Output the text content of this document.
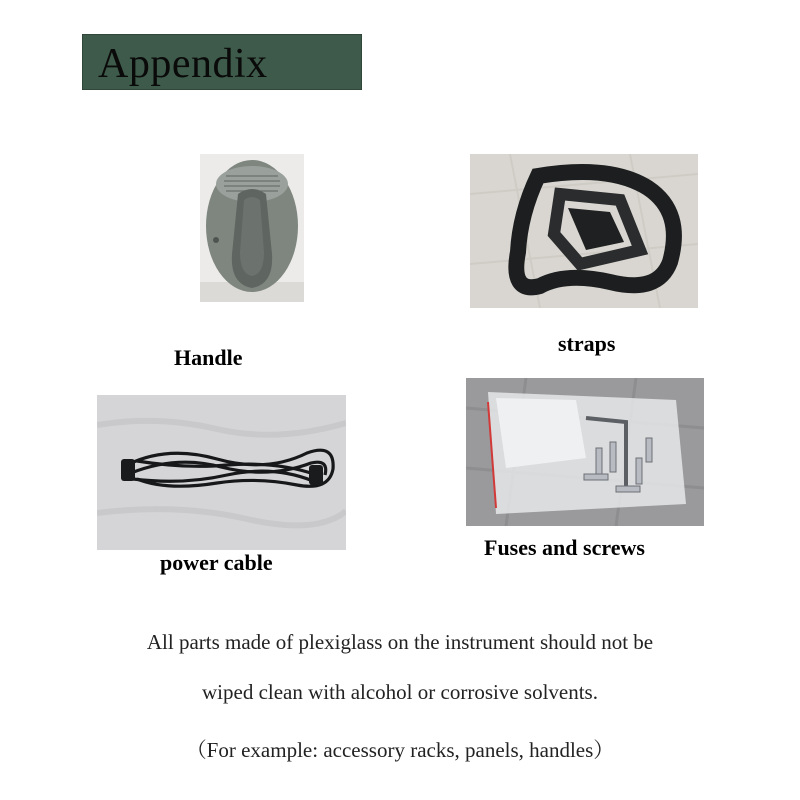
Appendix
Handle
straps
power cable
Fuses and screws
All parts made of plexiglass on the instrument should not be
wiped clean with alcohol or corrosive solvents.
（For example: accessory racks, panels, handles）
